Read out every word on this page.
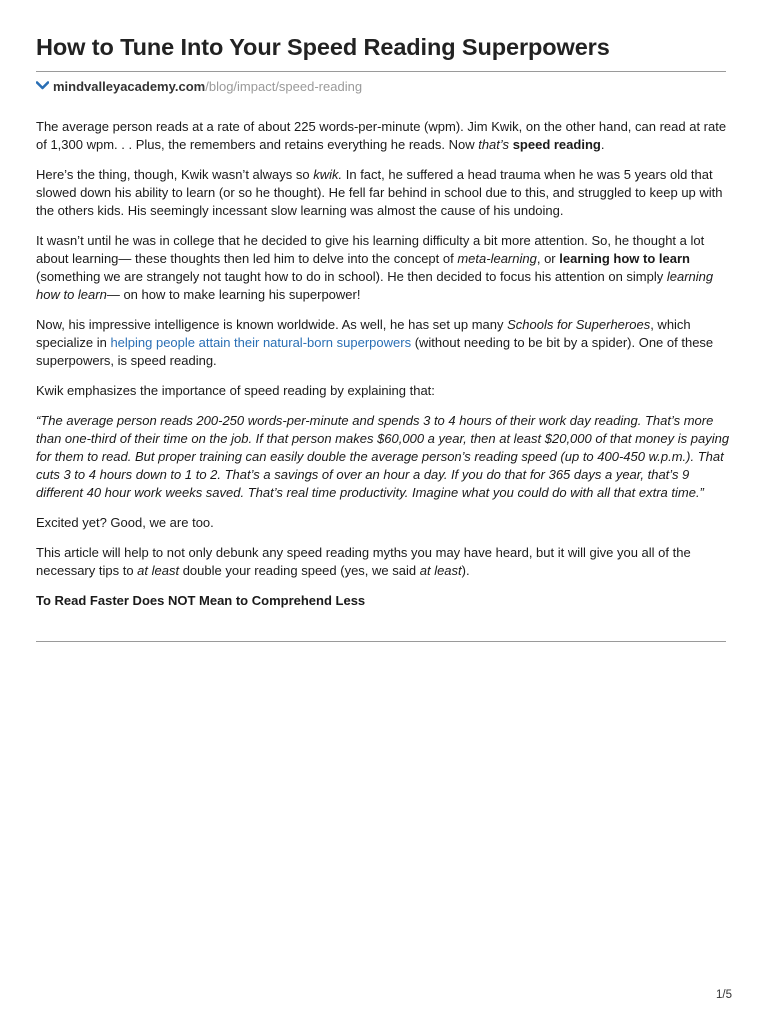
How to Tune Into Your Speed Reading Superpowers
mindvalleyacademy.com/blog/impact/speed-reading

The average person reads at a rate of about 225 words-per-minute (wpm). Jim Kwik, on the other hand, can read at rate of 1,300 wpm. . . Plus, the remembers and retains everything he reads. Now that’s speed reading.

Here’s the thing, though, Kwik wasn’t always so kwik. In fact, he suffered a head trauma when he was 5 years old that slowed down his ability to learn (or so he thought). He fell far behind in school due to this, and struggled to keep up with the others kids. His seemingly incessant slow learning was almost the cause of his undoing.

It wasn’t until he was in college that he decided to give his learning difficulty a bit more attention. So, he thought a lot about learning— these thoughts then led him to delve into the concept of meta-learning, or learning how to learn (something we are strangely not taught how to do in school). He then decided to focus his attention on simply learning how to learn— on how to make learning his superpower!

Now, his impressive intelligence is known worldwide. As well, he has set up many Schools for Superheroes, which specialize in helping people attain their natural-born superpowers (without needing to be bit by a spider). One of these superpowers, is speed reading.

Kwik emphasizes the importance of speed reading by explaining that:

“The average person reads 200-250 words-per-minute and spends 3 to 4 hours of their work day reading. That’s more than one-third of their time on the job. If that person makes $60,000 a year, then at least $20,000 of that money is paying for them to read. But proper training can easily double the average person’s reading speed (up to 400-450 w.p.m.). That cuts 3 to 4 hours down to 1 to 2. That’s a savings of over an hour a day. If you do that for 365 days a year, that’s 9 different 40 hour work weeks saved. That’s real time productivity. Imagine what you could do with all that extra time.”

Excited yet? Good, we are too.

This article will help to not only debunk any speed reading myths you may have heard, but it will give you all of the necessary tips to at least double your reading speed (yes, we said at least).

To Read Faster Does NOT Mean to Comprehend Less

1/5
